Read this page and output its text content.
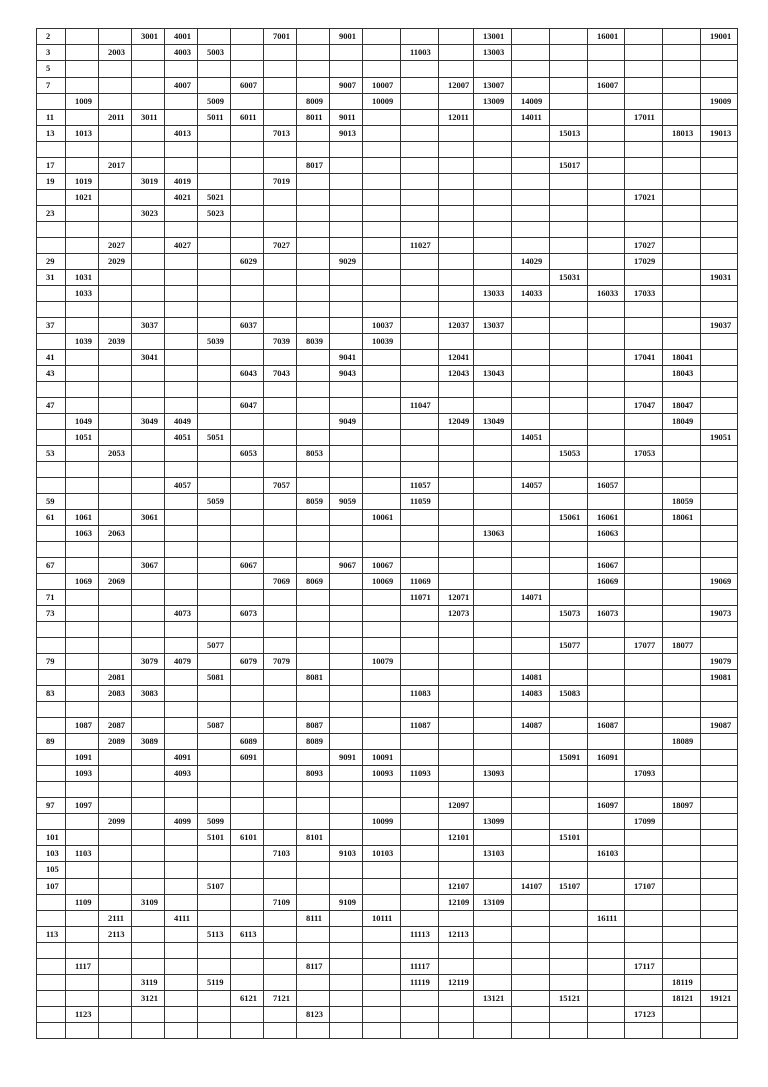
2			3001	4001			7001		9001				13001			16001			19001
3		2003		4003	5003						11003		13003						
5																			
7				4007		6007			9007	10007		12007	13007			16007			
	1009				5009			8009		10009			13009	14009					19009
11		2011	3011		5011	6011		8011	9011			12011		14011			17011		
13	1013			4013			7013		9013						15013			18013	19013

17		2017						8017							15017				
19	1019		3019	4019			7019												
	1021			4021	5021												17021		
23			3023		5023														

		2027		4027			7027				11027						17027		
29		2029				6029			9029					14029			17029		
31	1031														15031				19031
	1033												13033	14033		16033	17033		

37			3037			6037				10037		12037	13037						19037
	1039	2039			5039		7039	8039		10039									
41			3041						9041			12041					17041	18041	
43						6043	7043		9043			12043	13043					18043	

47						6047					11047						17047	18047	
	1049		3049	4049					9049			12049	13049					18049	
	1051			4051	5051									14051					19051
53		2053				6053		8053							15053		17053		

				4057			7057				11057			14057		16057			
59					5059			8059	9059		11059							18059	
61	1061		3061							10061					15061	16061		18061	
	1063	2063											13063			16063			

67			3067			6067			9067	10067						16067			
	1069	2069					7069	8069		10069	11069					16069			19069
71											11071	12071		14071					
73				4073		6073						12073			15073	16073			19073

					5077										15077		17077	18077	
79			3079	4079		6079	7079			10079									19079
		2081			5081			8081						14081					19081
83		2083	3083								11083			14083	15083				

	1087	2087			5087			8087			11087			14087		16087			19087
89		2089	3089			6089		8089										18089	
	1091			4091		6091			9091	10091					15091	16091			
	1093			4093				8093		10093	11093		13093				17093		

97	1097											12097				16097		18097	
		2099		4099	5099					10099			13099				17099		
101					5101	6101		8101				12101			15101				
103	1103						7103		9103	10103			13103			16103			
105																			
107					5107							12107		14107	15107		17107		
	1109		3109				7109		9109			12109	13109						
		2111		4111				8111		10111						16111			
113		2113			5113	6113					11113	12113							

	1117							8117			11117						17117		
			3119		5119						11119	12119						18119	
			3121			6121	7121						13121		15121			18121	19121
	1123							8123									17123		
